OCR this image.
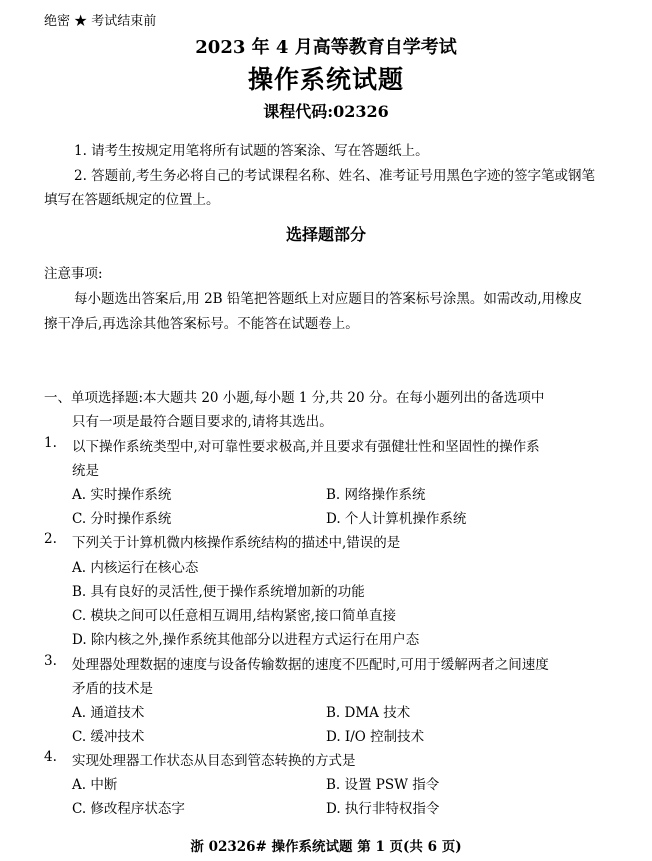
绝密 ★ 考试结束前
2023 年 4 月高等教育自学考试
操作系统试题
课程代码:02326
1. 请考生按规定用笔将所有试题的答案涂、写在答题纸上。
2. 答题前,考生务必将自己的考试课程名称、姓名、准考证号用黑色字迹的签字笔或钢笔
填写在答题纸规定的位置上。
选择题部分
注意事项:
每小题选出答案后,用 2B 铅笔把答题纸上对应题目的答案标号涂黑。如需改动,用橡皮
擦干净后,再选涂其他答案标号。不能答在试题卷上。
一、单项选择题:本大题共 20 小题,每小题 1 分,共 20 分。在每小题列出的备选项中
只有一项是最符合题目要求的,请将其选出。
1. 以下操作系统类型中,对可靠性要求极高,并且要求有强健壮性和坚固性的操作系
统是
A. 实时操作系统	B. 网络操作系统
C. 分时操作系统	D. 个人计算机操作系统
2. 下列关于计算机微内核操作系统结构的描述中,错误的是
A. 内核运行在核心态
B. 具有良好的灵活性,便于操作系统增加新的功能
C. 模块之间可以任意相互调用,结构紧密,接口简单直接
D. 除内核之外,操作系统其他部分以进程方式运行在用户态
3. 处理器处理数据的速度与设备传输数据的速度不匹配时,可用于缓解两者之间速度
矛盾的技术是
A. 通道技术	B. DMA 技术
C. 缓冲技术	D. I/O 控制技术
4. 实现处理器工作状态从目态到管态转换的方式是
A. 中断	B. 设置 PSW 指令
C. 修改程序状态字	D. 执行非特权指令
浙 02326# 操作系统试题 第 1 页(共 6 页)
